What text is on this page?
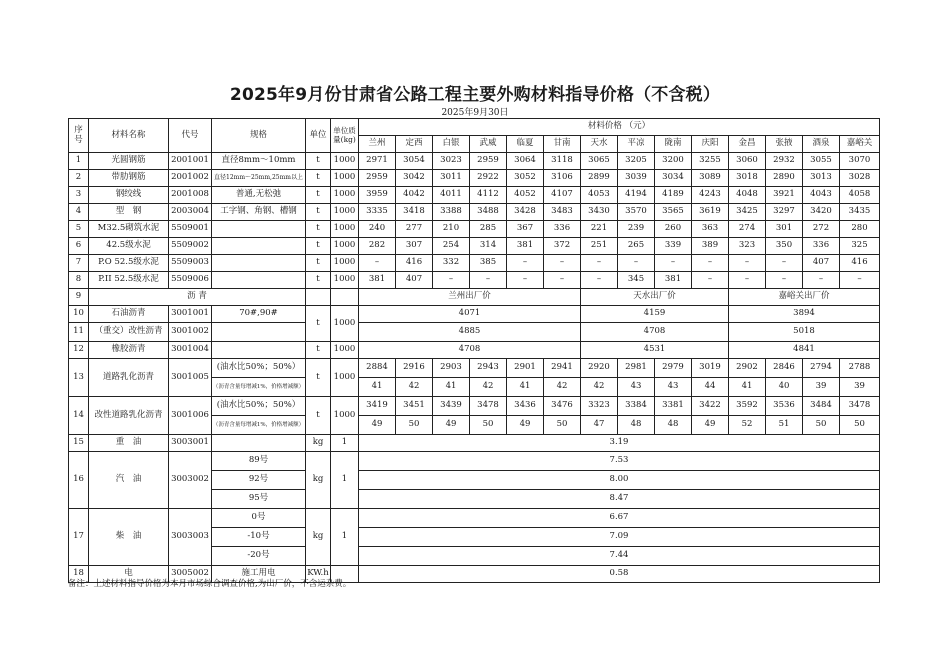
2025年9月份甘肃省公路工程主要外购材料指导价格（不含税）
2025年9月30日
序号	材料名称	代号	规格	单位	单位质量(kg)	材料价格 （元）													
						兰州	定西	白银	武威	临夏	甘南	天水	平凉	陇南	庆阳	金昌	张掖	酒泉	嘉峪关
1	光圆钢筋	2001001	直径8mm～10mm	t	1000	2971	3054	3023	2959	3064	3118	3065	3205	3200	3255	3060	2932	3055	3070
2	带肋钢筋	2001002	直径12mm～25mm,25mm以上	t	1000	2959	3042	3011	2922	3052	3106	2899	3039	3034	3089	3018	2890	3013	3028
3	钢绞线	2001008	普通,无松弛	t	1000	3959	4042	4011	4112	4052	4107	4053	4194	4189	4243	4048	3921	4043	4058
4	型　钢	2003004	工字钢、角钢、槽钢	t	1000	3335	3418	3388	3488	3428	3483	3430	3570	3565	3619	3425	3297	3420	3435
5	M32.5砌筑水泥	5509001		t	1000	240	277	210	285	367	336	221	239	260	363	274	301	272	280
6	42.5级水泥	5509002		t	1000	282	307	254	314	381	372	251	265	339	389	323	350	336	325
7	P.O 52.5级水泥	5509003		t	1000	–	416	332	385	–	–	–	–	–	–	–	–	407	416
8	P.II 52.5级水泥	5509006		t	1000	381	407	–	–	–	–	–	345	381	–	–	–	–	–
9	沥 青					兰州出厂价						天水出厂价				嘉峪关出厂价			
10	石油沥青	3001001	70#,90#	t	1000	4071						4159				3894			
11	（重交）改性沥青	3001002				4885						4708				5018			
12	橡胶沥青	3001004		t	1000	4708						4531				4841			
13	道路乳化沥青	3001005	(油水比50%；50%）	t	1000	2884	2916	2903	2943	2901	2941	2920	2981	2979	3019	2902	2846	2794	2788
			（沥青含量每增减1%，价格增减额）			41	42	41	42	41	42	42	43	43	44	41	40	39	39
14	改性道路乳化沥青	3001006	(油水比50%；50%）	t	1000	3419	3451	3439	3478	3436	3476	3323	3384	3381	3422	3592	3536	3484	3478
			（沥青含量每增减1%，价格增减额）			49	50	49	50	49	50	47	48	48	49	52	51	50	50
15	重　油	3003001		kg	1	3.19													
16	汽　油	3003002	89号	kg	1	7.53													
			92号			8.00													
			95号			8.47													
17	柴　油	3003003	0号	kg	1	6.67													
			-10号			7.09													
			-20号			7.44													
18	电	3005002	施工用电	KW.h		0.58													
备注：上述材料指导价格为本月市场综合调查价格,为出厂价，不含运杂费。
